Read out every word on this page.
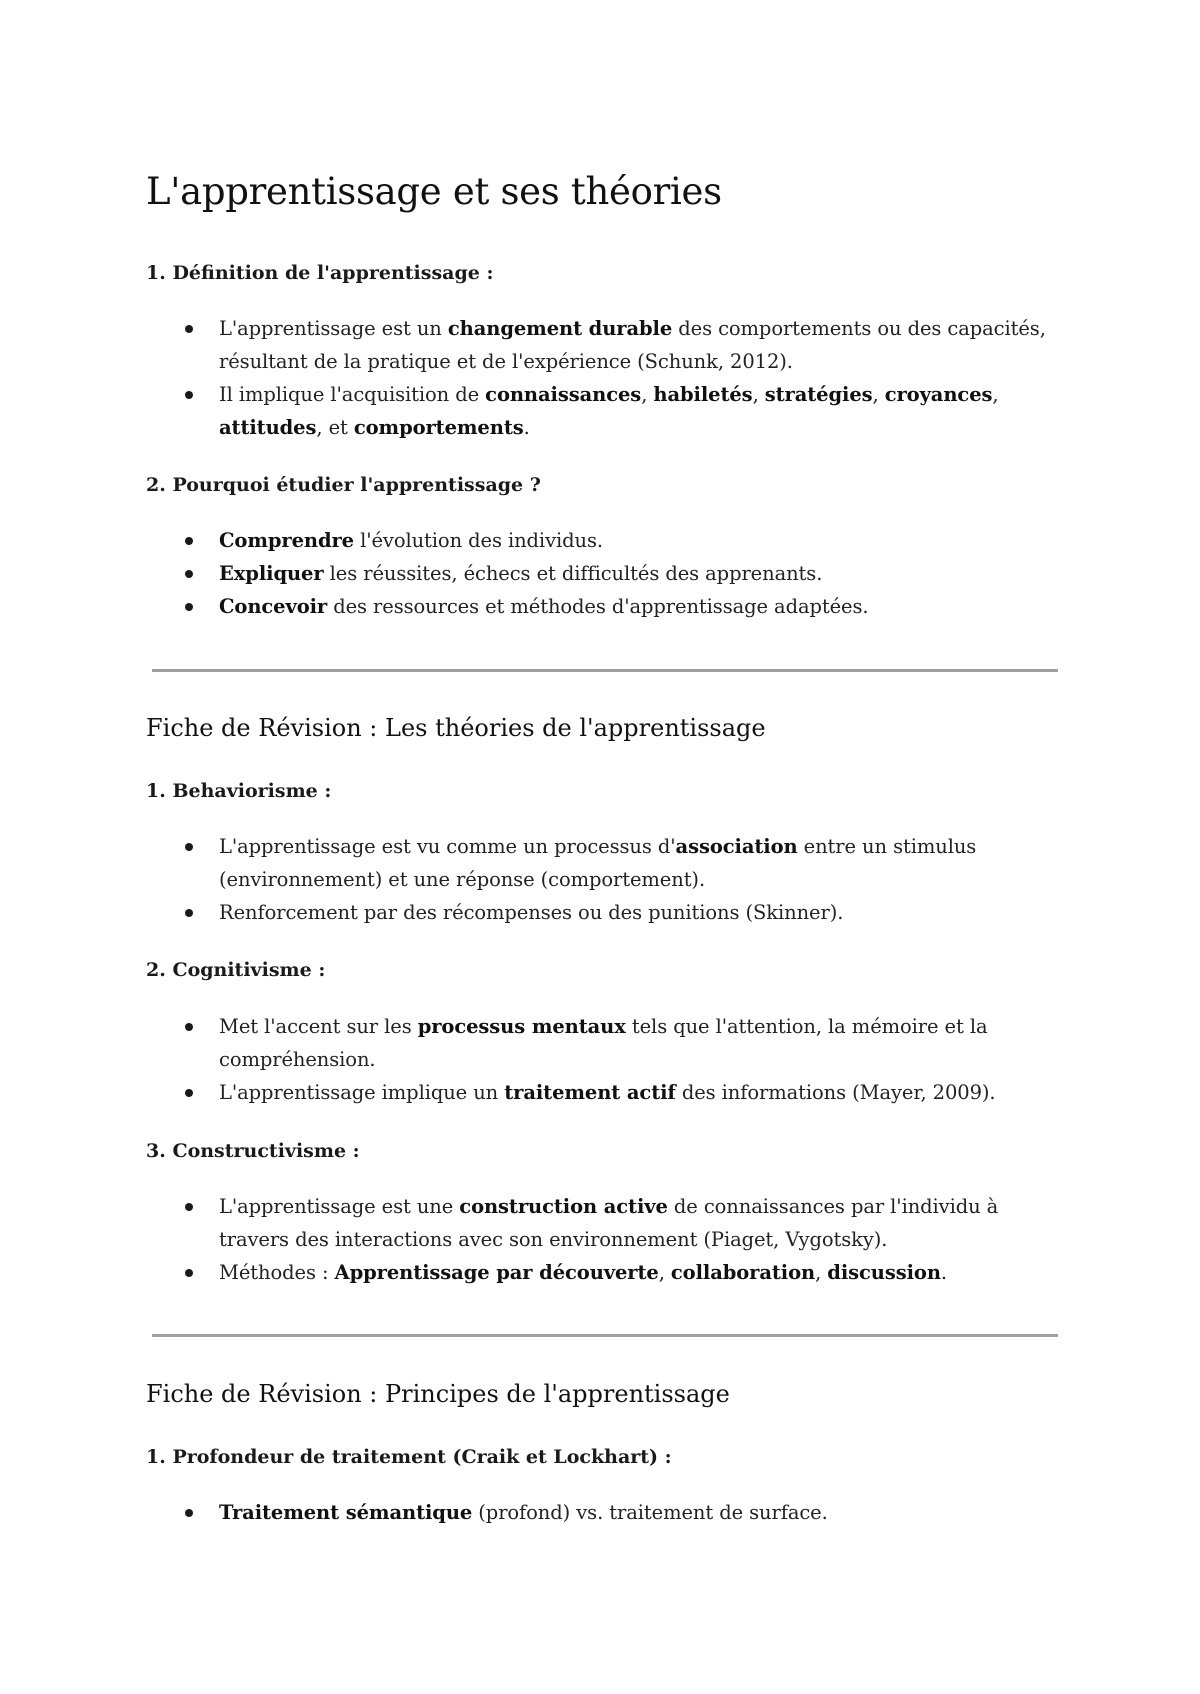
L'apprentissage et ses théories
1. Définition de l'apprentissage :
L'apprentissage est un changement durable des comportements ou des capacités, résultant de la pratique et de l'expérience (Schunk, 2012).
Il implique l'acquisition de connaissances, habiletés, stratégies, croyances, attitudes, et comportements.
2. Pourquoi étudier l'apprentissage ?
Comprendre l'évolution des individus.
Expliquer les réussites, échecs et difficultés des apprenants.
Concevoir des ressources et méthodes d'apprentissage adaptées.
Fiche de Révision : Les théories de l'apprentissage
1. Behaviorisme :
L'apprentissage est vu comme un processus d'association entre un stimulus (environnement) et une réponse (comportement).
Renforcement par des récompenses ou des punitions (Skinner).
2. Cognitivisme :
Met l'accent sur les processus mentaux tels que l'attention, la mémoire et la compréhension.
L'apprentissage implique un traitement actif des informations (Mayer, 2009).
3. Constructivisme :
L'apprentissage est une construction active de connaissances par l'individu à travers des interactions avec son environnement (Piaget, Vygotsky).
Méthodes : Apprentissage par découverte, collaboration, discussion.
Fiche de Révision : Principes de l'apprentissage
1. Profondeur de traitement (Craik et Lockhart) :
Traitement sémantique (profond) vs. traitement de surface.
